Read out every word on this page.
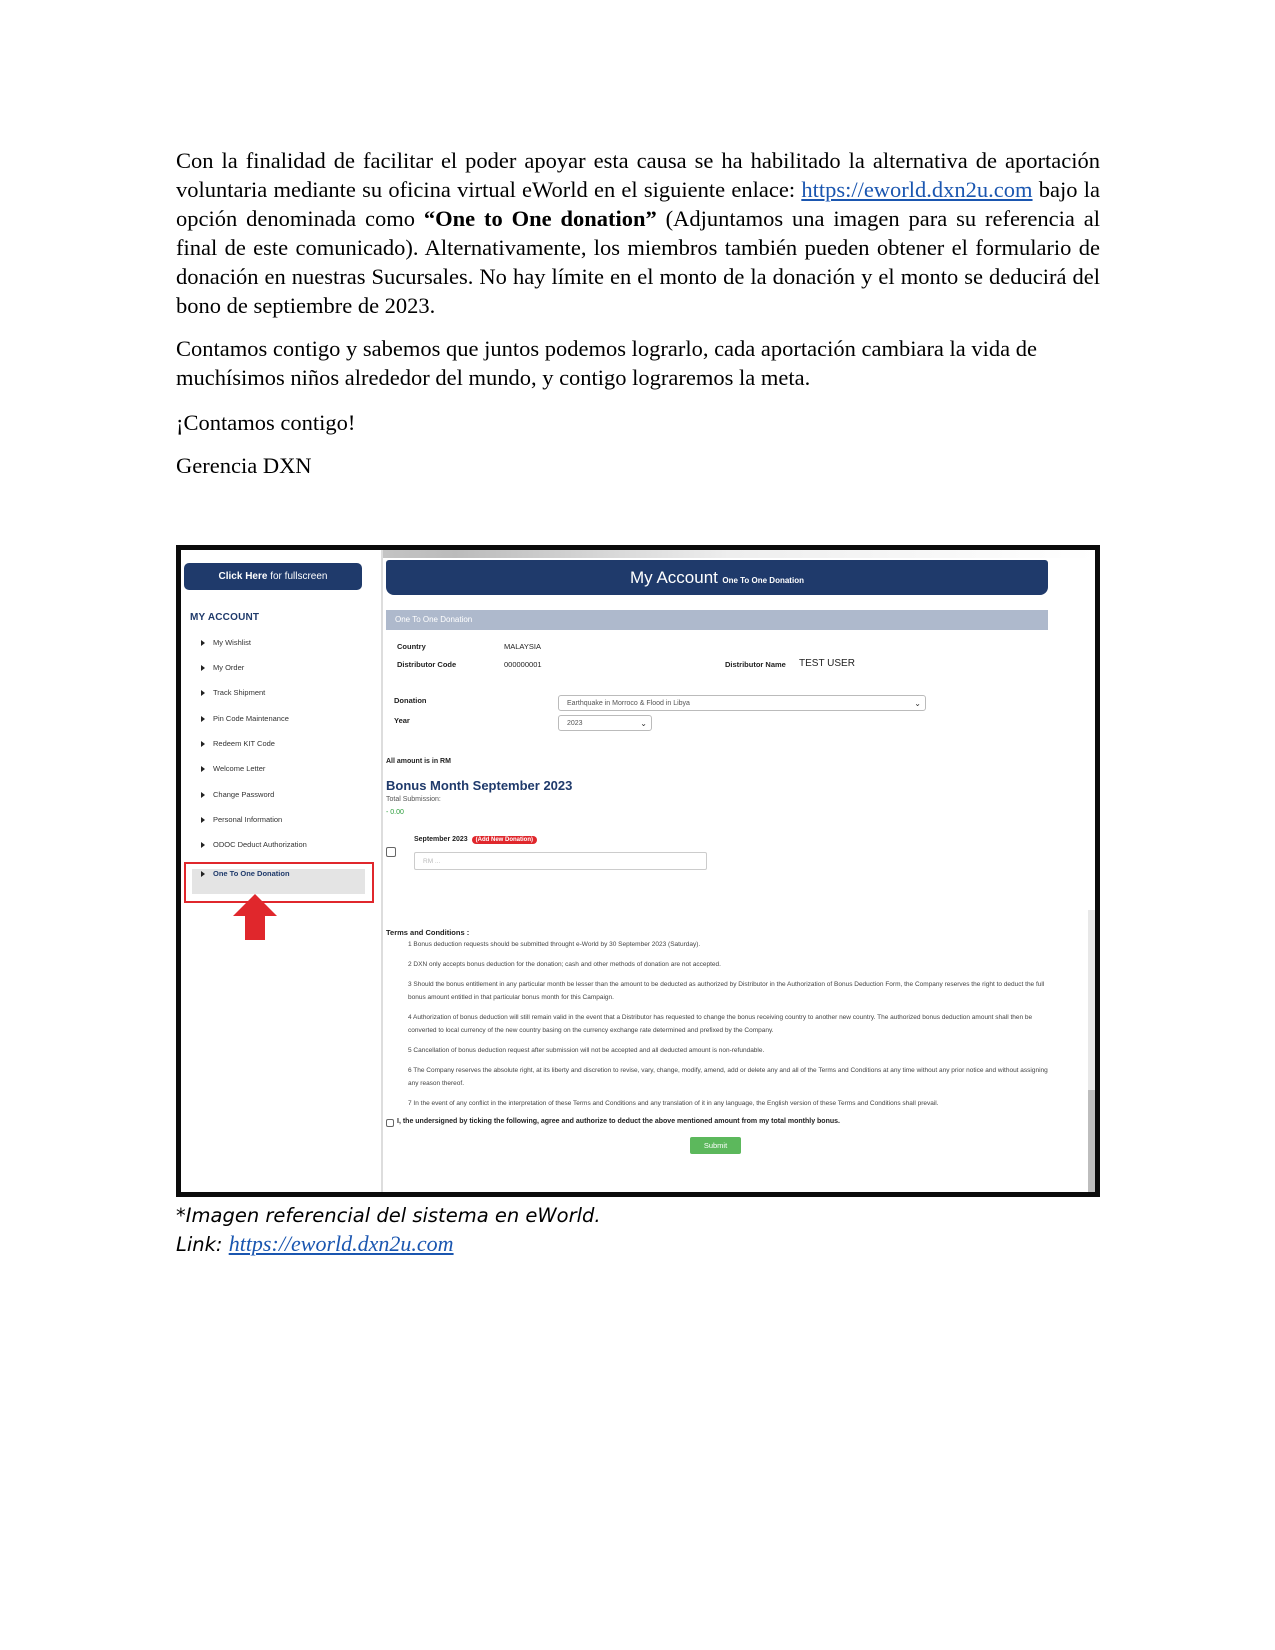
Con la finalidad de facilitar el poder apoyar esta causa se ha habilitado la alternativa de aportación voluntaria mediante su oficina virtual eWorld en el siguiente enlace: https://eworld.dxn2u.com bajo la opción denominada como “One to One donation” (Adjuntamos una imagen para su referencia al final de este comunicado). Alternativamente, los miembros también pueden obtener el formulario de donación en nuestras Sucursales. No hay límite en el monto de la donación y el monto se deducirá del bono de septiembre de 2023.
Contamos contigo y sabemos que juntos podemos lograrlo, cada aportación cambiara la vida de muchísimos niños alrededor del mundo, y contigo lograremos la meta.
¡Contamos contigo!
Gerencia DXN
Click Here for fullscreen
MY ACCOUNT
My Wishlist
My Order
Track Shipment
Pin Code Maintenance
Redeem KIT Code
Welcome Letter
Change Password
Personal Information
ODOC Deduct Authorization
One To One Donation
My Account One To One Donation
One To One Donation
Country	MALAYSIA
Distributor Code	000000001	Distributor Name TEST USER
Donation	Earthquake in Morroco & Flood in Libya	⌄
Year	2023	⌄
All amount is in RM
Bonus Month September 2023
Total Submission:
- 0.00
September 2023 (Add New Donation)
RM ...
Terms and Conditions :
1 Bonus deduction requests should be submitted throught e-World by 30 September 2023 (Saturday).
2 DXN only accepts bonus deduction for the donation; cash and other methods of donation are not accepted.
3 Should the bonus entitlement in any particular month be lesser than the amount to be deducted as authorized by Distributor in the Authorization of Bonus Deduction Form, the Company reserves the right to deduct the full bonus amount entitled in that particular bonus month for this Campaign.
4 Authorization of bonus deduction will still remain valid in the event that a Distributor has requested to change the bonus receiving country to another new country. The authorized bonus deduction amount shall then be converted to local currency of the new country basing on the currency exchange rate determined and prefixed by the Company.
5 Cancellation of bonus deduction request after submission will not be accepted and all deducted amount is non-refundable.
6 The Company reserves the absolute right, at its liberty and discretion to revise, vary, change, modify, amend, add or delete any and all of the Terms and Conditions at any time without any prior notice and without assigning any reason thereof.
7 In the event of any conflict in the interpretation of these Terms and Conditions and any translation of it in any language, the English version of these Terms and Conditions shall prevail.
I, the undersigned by ticking the following, agree and authorize to deduct the above mentioned amount from my total monthly bonus.
Submit
*Imagen referencial del sistema en eWorld.
Link: https://eworld.dxn2u.com
